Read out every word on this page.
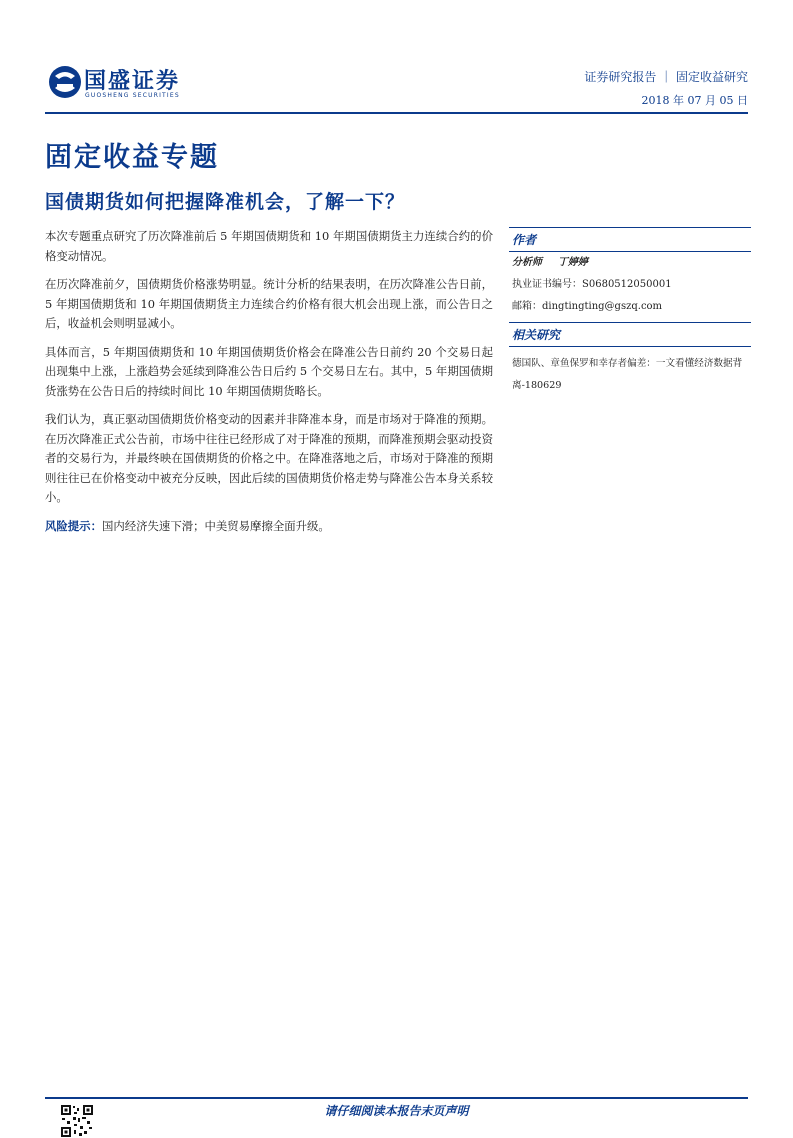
国盛证券
GUOSHENG SECURITIES
证券研究报告 ｜ 固定收益研究
2018 年 07 月 05 日
固定收益专题
国债期货如何把握降准机会，了解一下？

本次专题重点研究了历次降准前后 5 年期国债期货和 10 年期国债期货主力连续合约的价格变动情况。

在历次降准前夕，国债期货价格涨势明显。统计分析的结果表明，在历次降准公告日前，5 年期国债期货和 10 年期国债期货主力连续合约价格有很大机会出现上涨，而公告日之后，收益机会则明显减小。

具体而言，5 年期国债期货和 10 年期国债期货价格会在降准公告日前约 20 个交易日起出现集中上涨，上涨趋势会延续到降准公告日后约 5 个交易日左右。其中，5 年期国债期货涨势在公告日后的持续时间比 10 年期国债期货略长。

我们认为，真正驱动国债期货价格变动的因素并非降准本身，而是市场对于降准的预期。在历次降准正式公告前，市场中往往已经形成了对于降准的预期，而降准预期会驱动投资者的交易行为，并最终映在国债期货的价格之中。在降准落地之后，市场对于降准的预期则往往已在价格变动中被充分反映，因此后续的国债期货价格走势与降准公告本身关系较小。

风险提示：国内经济失速下滑；中美贸易摩擦全面升级。

作者
分析师 丁婷婷
执业证书编号：S0680512050001
邮箱：dingtingting@gszq.com
相关研究
德国队、章鱼保罗和幸存者偏差：一文看懂经济数据背离-180629
请仔细阅读本报告末页声明
